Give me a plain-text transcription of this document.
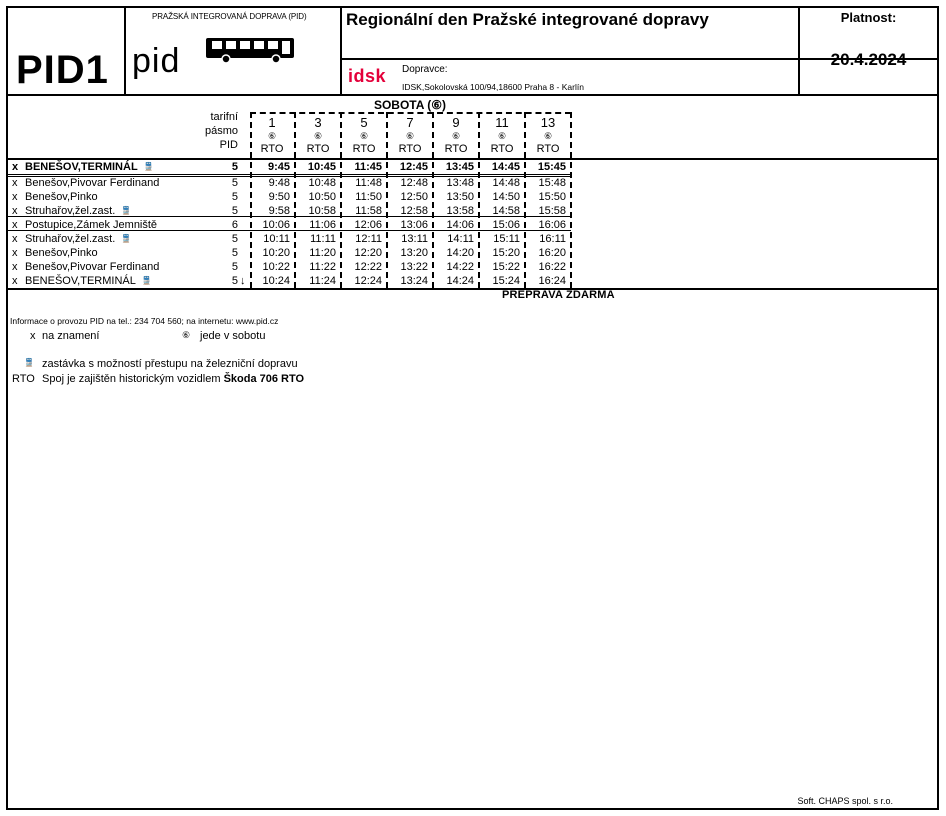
PID1
PRAŽSKÁ INTEGROVANÁ DOPRAVA (PID)
pid
Regionální den Pražské integrované dopravy
idsk Dopravce:
IDSK,Sokolovská 100/94,18600 Praha 8 - Karlín
Platnost:
20.4.2024
SOBOTA (⑥)
tarifní
pásmo
PID
PŘEPRAVA ZDARMA
1
⑥
RTO
3
⑥
RTO
5
⑥
RTO
7
⑥
RTO
9
⑥
RTO
11
⑥
RTO
13
⑥
RTO
x BENEŠOV,TERMINÁL 🚆	5	9:45	10:45	11:45	12:45	13:45	14:45	15:45
x Benešov,Pivovar Ferdinand	5	9:48	10:48	11:48	12:48	13:48	14:48	15:48
x Benešov,Pinko	5	9:50	10:50	11:50	12:50	13:50	14:50	15:50
x Struhařov,žel.zast. 🚆	5	9:58	10:58	11:58	12:58	13:58	14:58	15:58
x Postupice,Zámek Jemniště	6	10:06	11:06	12:06	13:06	14:06	15:06	16:06
x Struhařov,žel.zast. 🚆	5	10:11	11:11	12:11	13:11	14:11	15:11	16:11
x Benešov,Pinko	5	10:20	11:20	12:20	13:20	14:20	15:20	16:20
x Benešov,Pivovar Ferdinand	5	10:22	11:22	12:22	13:22	14:22	15:22	16:22
x BENEŠOV,TERMINÁL 🚆	5	10:24	11:24	12:24	13:24	14:24	15:24	16:24
↓
Informace o provozu PID na tel.: 234 704 560; na internetu: www.pid.cz
x na znamení	⑥ jede v sobotu
🚆 zastávka s možností přestupu na železniční dopravu
RTO Spoj je zajištěn historickým vozidlem Škoda 706 RTO
Soft. CHAPS spol. s r.o.
